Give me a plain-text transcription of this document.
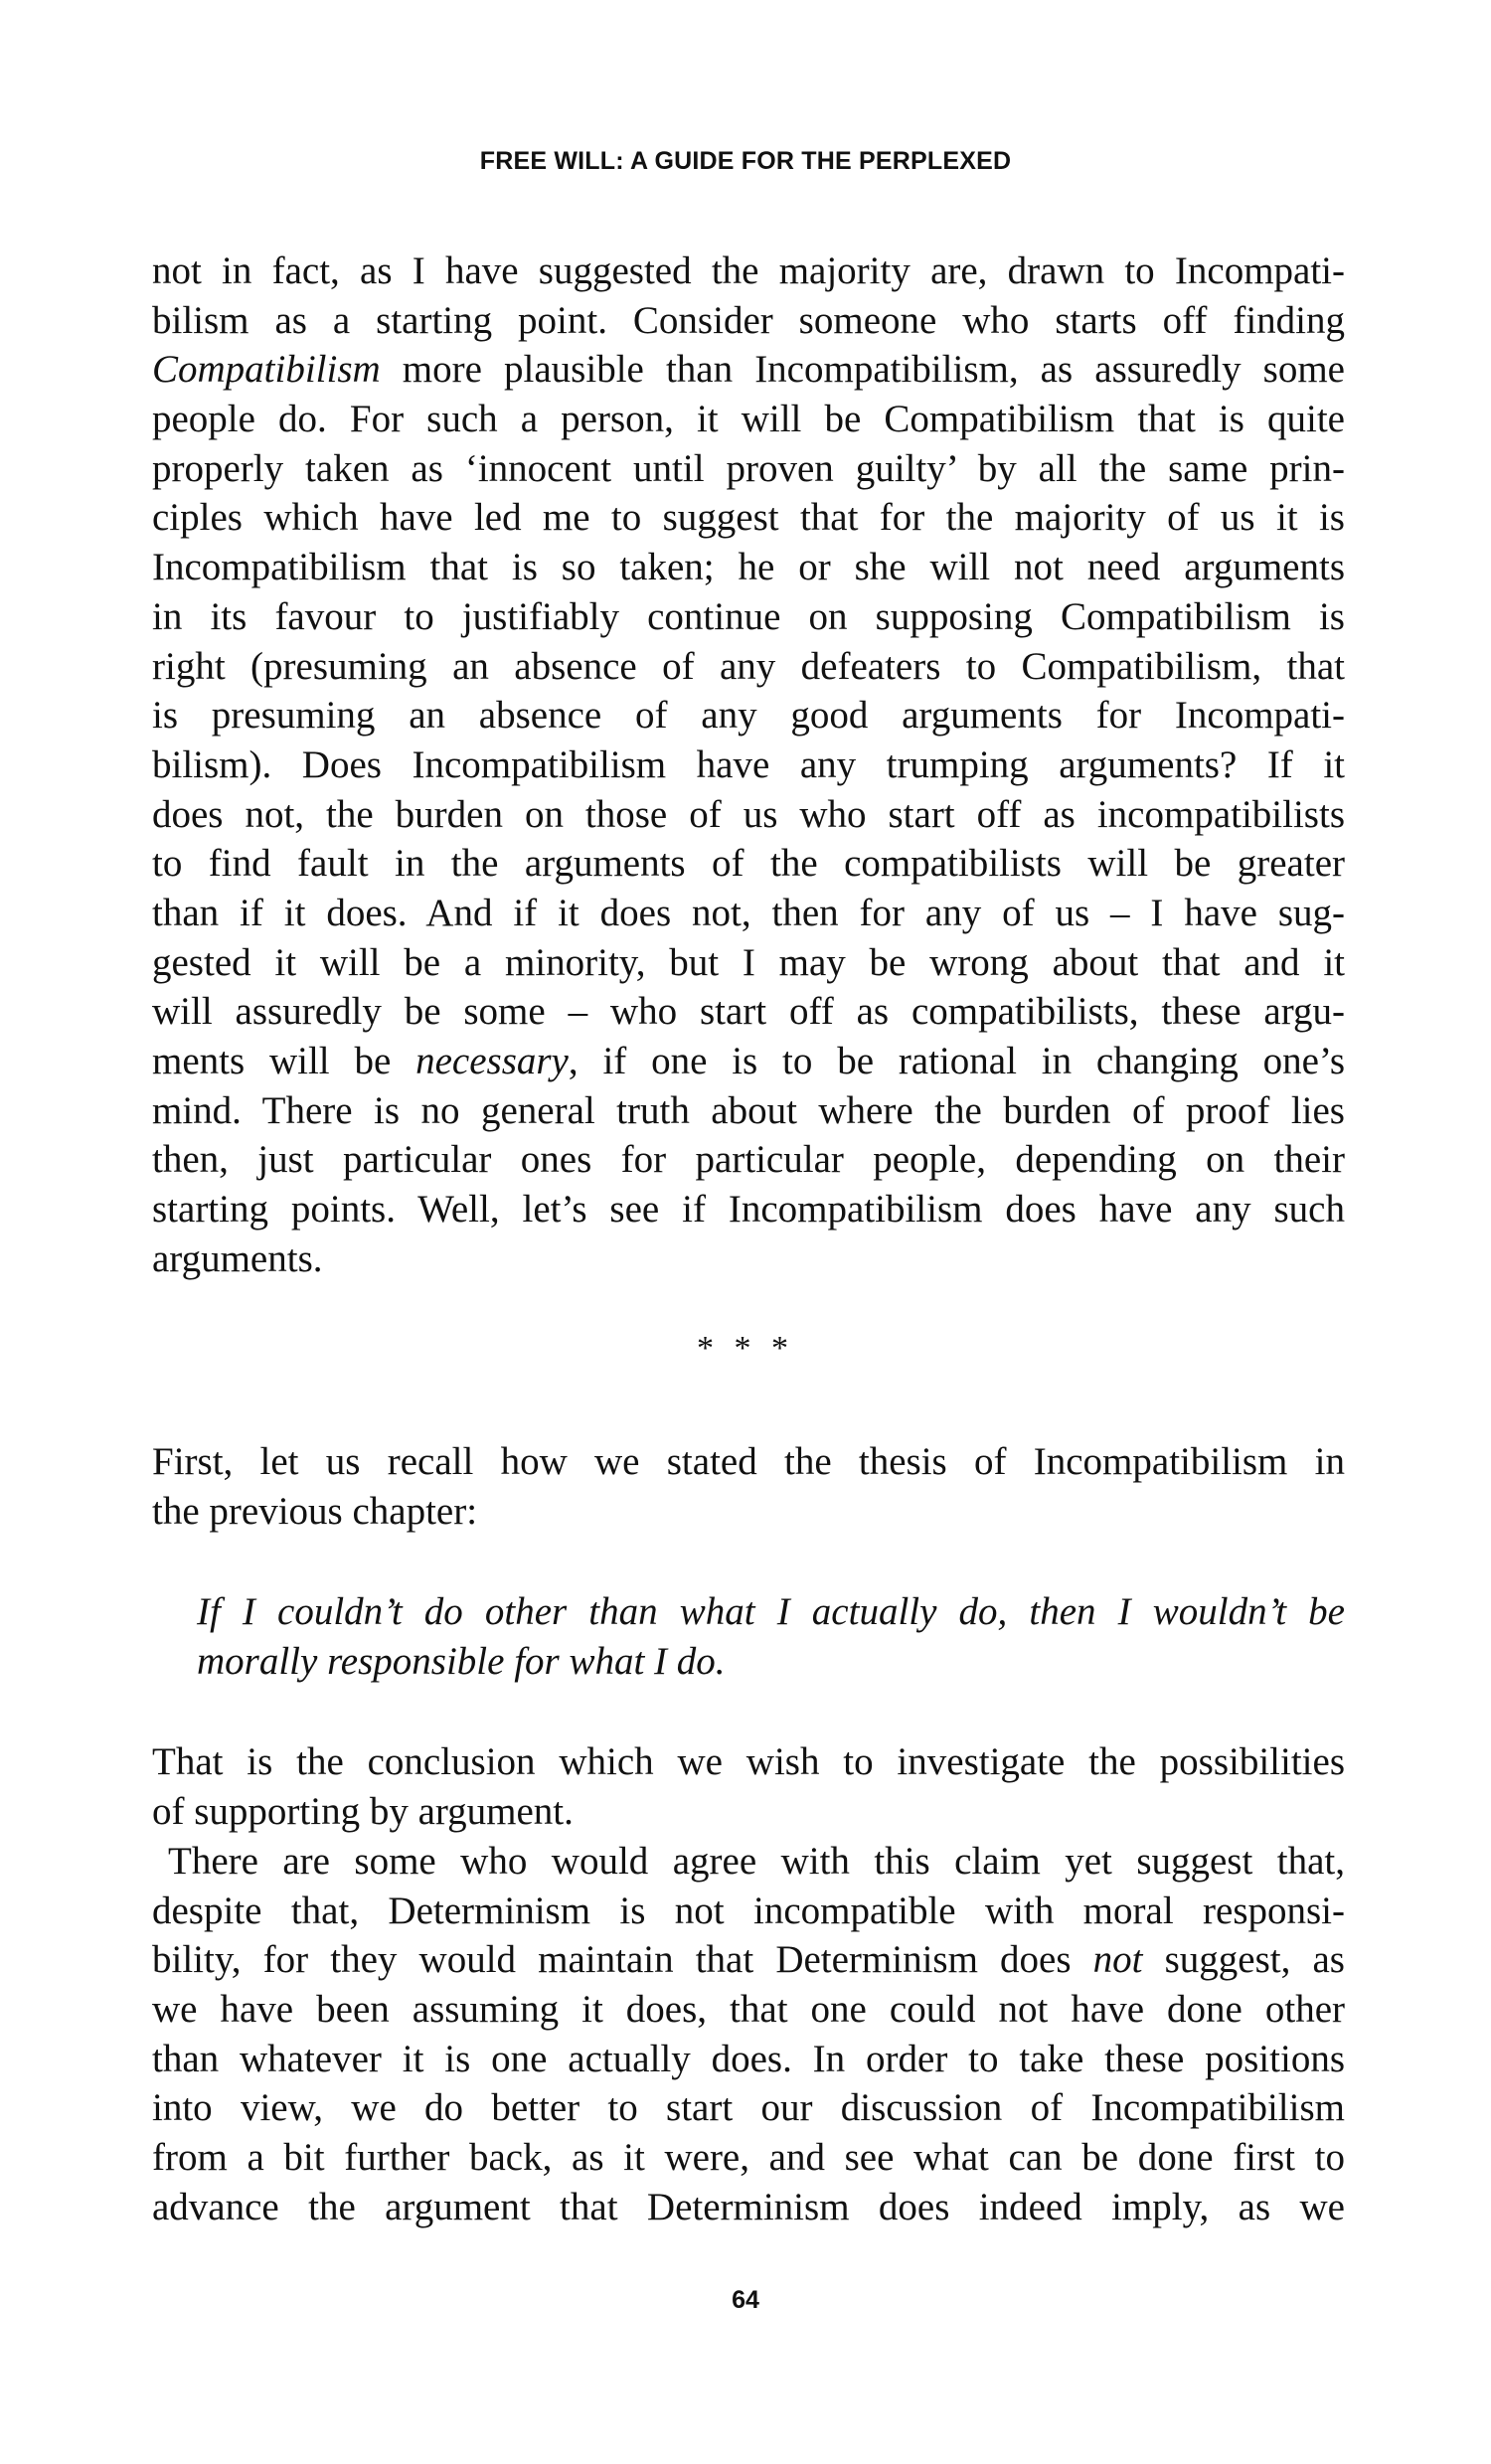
FREE WILL: A GUIDE FOR THE PERPLEXED
not in fact, as I have suggested the majority are, drawn to Incompati-
bilism as a starting point. Consider someone who starts off finding
Compatibilism more plausible than Incompatibilism, as assuredly some
people do. For such a person, it will be Compatibilism that is quite
properly taken as ‘innocent until proven guilty’ by all the same prin-
ciples which have led me to suggest that for the majority of us it is
Incompatibilism that is so taken; he or she will not need arguments
in its favour to justifiably continue on supposing Compatibilism is
right (presuming an absence of any defeaters to Compatibilism, that
is presuming an absence of any good arguments for Incompati-
bilism). Does Incompatibilism have any trumping arguments? If it
does not, the burden on those of us who start off as incompatibilists
to find fault in the arguments of the compatibilists will be greater
than if it does. And if it does not, then for any of us – I have sug-
gested it will be a minority, but I may be wrong about that and it
will assuredly be some – who start off as compatibilists, these argu-
ments will be necessary, if one is to be rational in changing one’s
mind. There is no general truth about where the burden of proof lies
then, just particular ones for particular people, depending on their
starting points. Well, let’s see if Incompatibilism does have any such
arguments.

* * *

First, let us recall how we stated the thesis of Incompatibilism in
the previous chapter:
If I couldn’t do other than what I actually do, then I wouldn’t be
morally responsible for what I do.
That is the conclusion which we wish to investigate the possibilities
of supporting by argument.
There are some who would agree with this claim yet suggest that,
despite that, Determinism is not incompatible with moral responsi-
bility, for they would maintain that Determinism does not suggest, as
we have been assuming it does, that one could not have done other
than whatever it is one actually does. In order to take these positions
into view, we do better to start our discussion of Incompatibilism
from a bit further back, as it were, and see what can be done first to
advance the argument that Determinism does indeed imply, as we

64
